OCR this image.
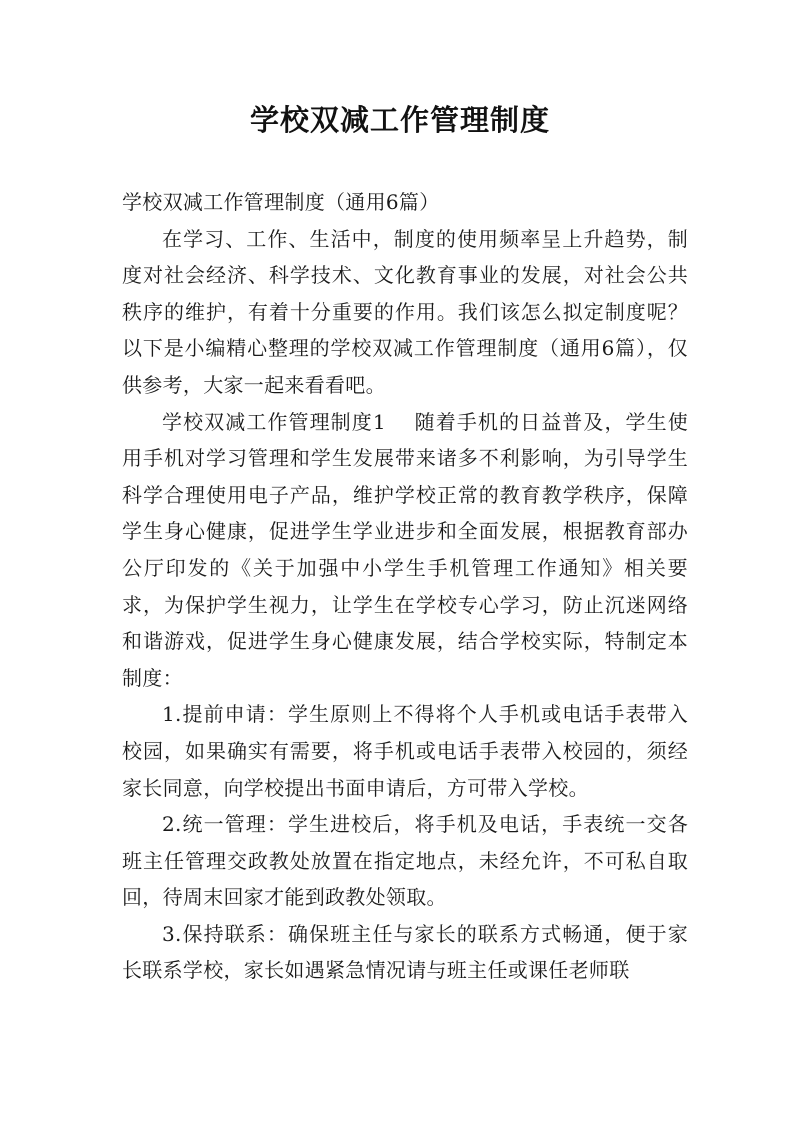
学校双减工作管理制度

学校双减工作管理制度（通用6篇）

在学习、工作、生活中，制度的使用频率呈上升趋势，制度对社会经济、科学技术、文化教育事业的发展，对社会公共秩序的维护，有着十分重要的作用。我们该怎么拟定制度呢？以下是小编精心整理的学校双减工作管理制度（通用6篇），仅供参考，大家一起来看看吧。

学校双减工作管理制度1 随着手机的日益普及，学生使用手机对学习管理和学生发展带来诸多不利影响，为引导学生科学合理使用电子产品，维护学校正常的教育教学秩序，保障学生身心健康，促进学生学业进步和全面发展，根据教育部办公厅印发的《关于加强中小学生手机管理工作通知》相关要求，为保护学生视力，让学生在学校专心学习，防止沉迷网络和谐游戏，促进学生身心健康发展，结合学校实际，特制定本制度：

1.提前申请：学生原则上不得将个人手机或电话手表带入校园，如果确实有需要，将手机或电话手表带入校园的，须经家长同意，向学校提出书面申请后，方可带入学校。

2.统一管理：学生进校后，将手机及电话，手表统一交各班主任管理交政教处放置在指定地点，未经允许，不可私自取回，待周末回家才能到政教处领取。

3.保持联系：确保班主任与家长的联系方式畅通，便于家长联系学校，家长如遇紧急情况请与班主任或课任老师联
